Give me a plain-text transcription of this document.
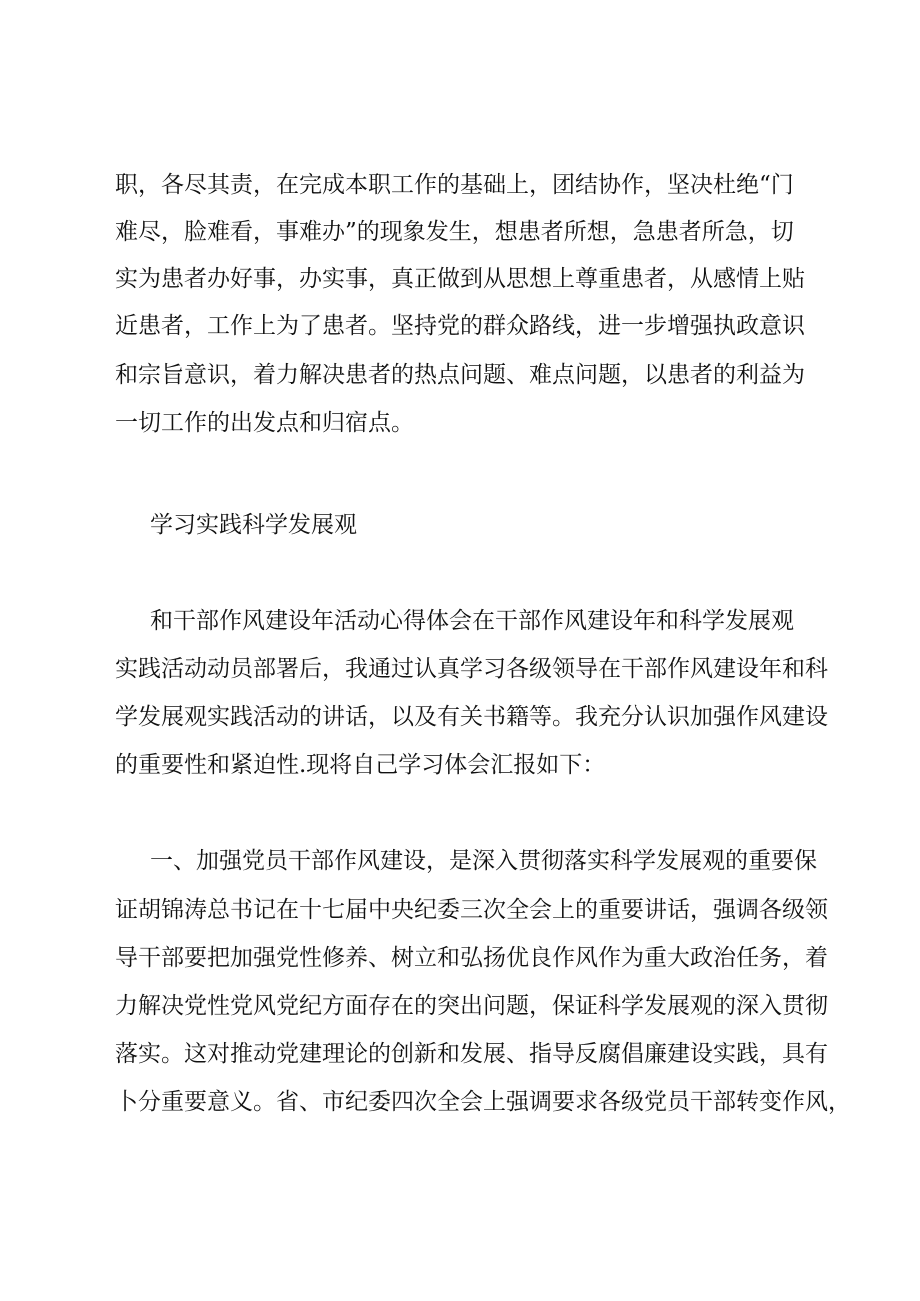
职，各尽其责，在完成本职工作的基础上，团结协作，坚决杜绝“门
难尽，脸难看，事难办”的现象发生，想患者所想，急患者所急，切
实为患者办好事，办实事，真正做到从思想上尊重患者，从感情上贴
近患者，工作上为了患者。坚持党的群众路线，进一步增强执政意识
和宗旨意识，着力解决患者的热点问题、难点问题，以患者的利益为
一切工作的出发点和归宿点。
学习实践科学发展观
和干部作风建设年活动心得体会在干部作风建设年和科学发展观
实践活动动员部署后，我通过认真学习各级领导在干部作风建设年和科
学发展观实践活动的讲话，以及有关书籍等。我充分认识加强作风建设
的重要性和紧迫性.现将自己学习体会汇报如下：
一、加强党员干部作风建设，是深入贯彻落实科学发展观的重要保
证胡锦涛总书记在十七届中央纪委三次全会上的重要讲话，强调各级领
导干部要把加强党性修养、树立和弘扬优良作风作为重大政治任务，着
力解决党性党风党纪方面存在的突出问题，保证科学发展观的深入贯彻
落实。这对推动党建理论的创新和发展、指导反腐倡廉建设实践，具有
卜分重要意义。省、市纪委四次全会上强调要求各级党员干部转变作风，
